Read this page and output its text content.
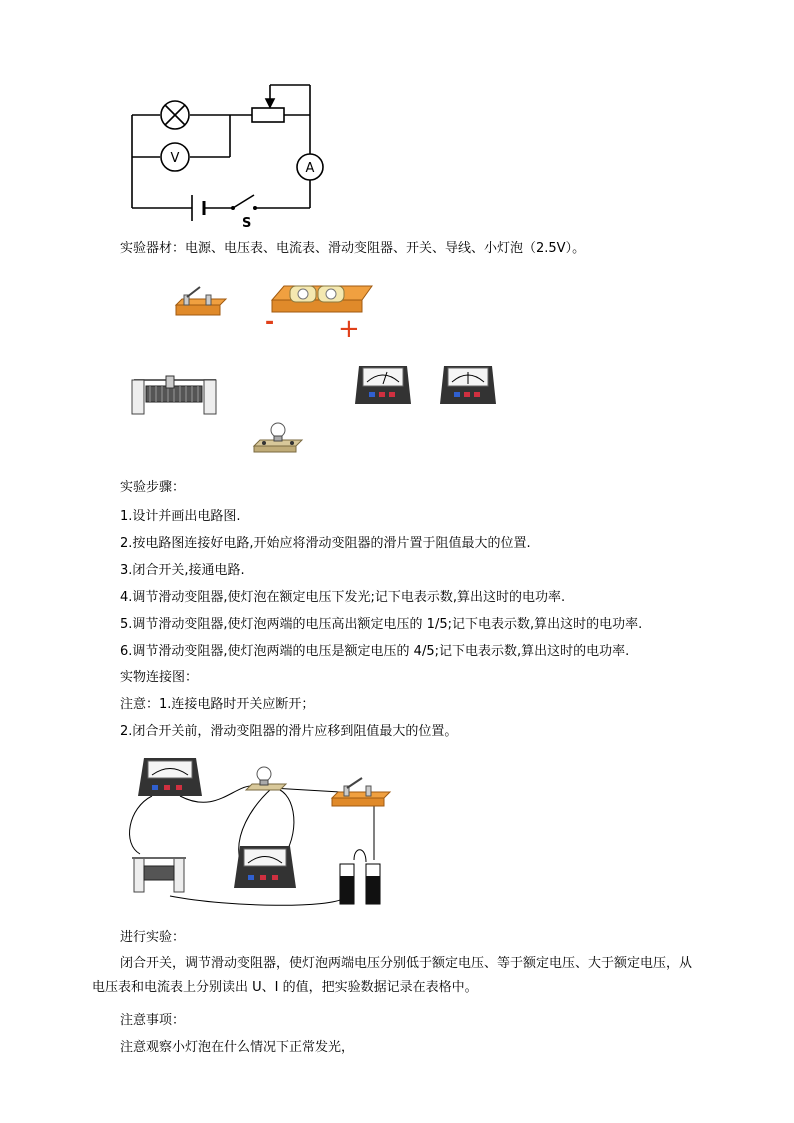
V
A
S
实验器材：电源、电压表、电流表、滑动变阻器、开关、导线、小灯泡（2.5V）。
- +
实验步骤：
1.设计并画出电路图.
2.按电路图连接好电路,开始应将滑动变阻器的滑片置于阻值最大的位置.
3.闭合开关,接通电路.
4.调节滑动变阻器,使灯泡在额定电压下发光;记下电表示数,算出这时的电功率.
5.调节滑动变阻器,使灯泡两端的电压高出额定电压的 1/5;记下电表示数,算出这时的电功率.
6.调节滑动变阻器,使灯泡两端的电压是额定电压的 4/5;记下电表示数,算出这时的电功率.
实物连接图：
注意：1.连接电路时开关应断开；
2.闭合开关前，滑动变阻器的滑片应移到阻值最大的位置。
进行实验：
闭合开关，调节滑动变阻器，使灯泡两端电压分别低于额定电压、等于额定电压、大于额定电压，从电压表和电流表上分别读出 U、I 的值，把实验数据记录在表格中。
注意事项：
注意观察小灯泡在什么情况下正常发光，
